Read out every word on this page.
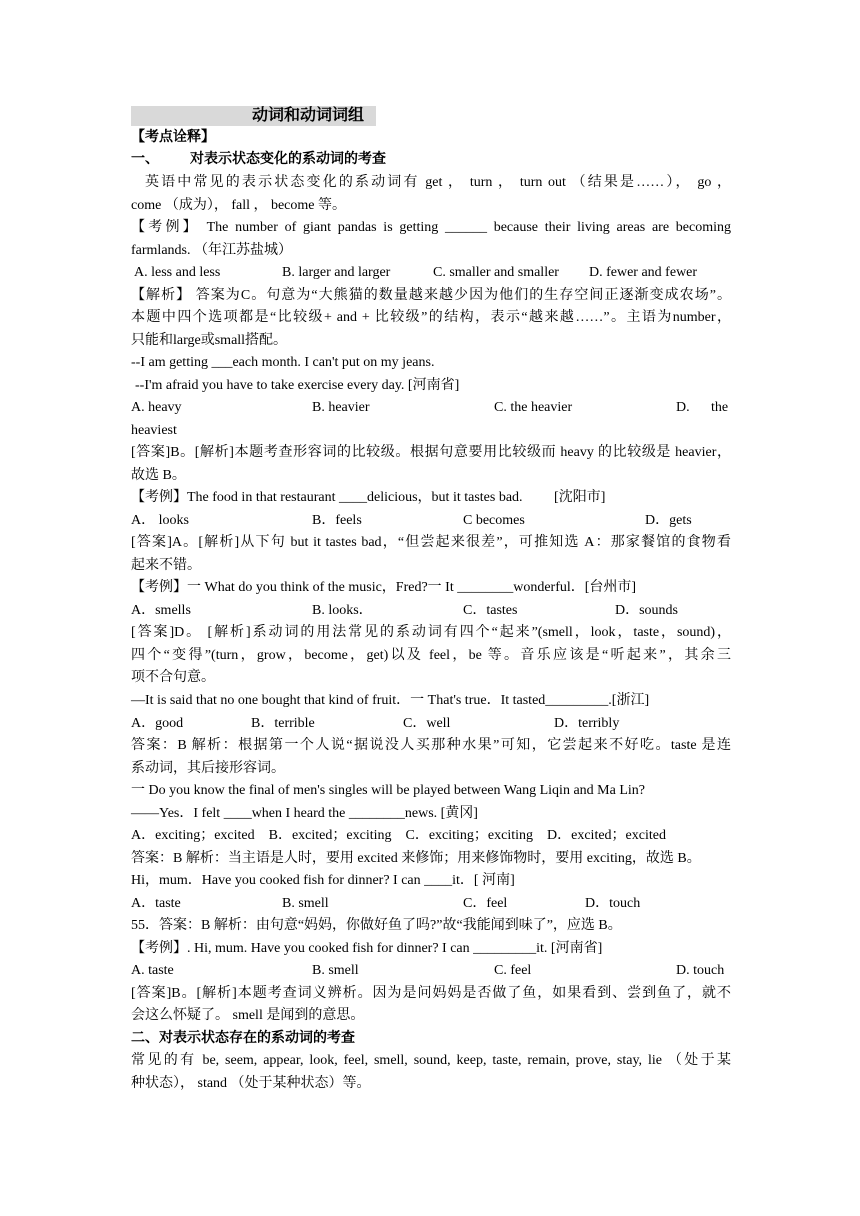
动词和动词词组
【考点诠释】
一、 对表示状态变化的系动词的考查
英语中常见的表示状态变化的系动词有 get ， turn ， turn out （结果是……）， go ，
come （成为）， fall ， become 等。
【考例】 The number of giant pandas is getting ______ because their living areas are becoming
farmlands. （年江苏盐城）
A. less and less	B. larger and larger	C. smaller and smaller D. fewer and fewer
【解析】 答案为C。句意为“大熊猫的数量越来越少因为他们的生存空间正逐渐变成农场”。
本题中四个选项都是“比较级+ and + 比较级”的结构，表示“越来越……”。主语为number，
只能和large或small搭配。
--I am getting ___each month. I can't put on my jeans.
--I'm afraid you have to take exercise every day. [河南省]
A. heavy	B. heavier	C. the heavier	D. the
heaviest
[答案]B。[解析]本题考查形容词的比较级。根据句意要用比较级而 heavy 的比较级是 heavier，
故选 B。
【考例】The food in that restaurant ____delicious，but it tastes bad.　　 [沈阳市]
A． looks	B．feels	C becomes	D．gets
[答案]A。[解析]从下句 but it tastes bad，“但尝起来很差”，可推知选 A：那家餐馆的食物看
起来不错。
【考例】一 What do you think of the music，Fred?一 It ________wonderful．[台州市]
A．smells	B. looks．	C．tastes	D．sounds
[答案]D。 [解析]系动词的用法常见的系动词有四个“起来”(smell，look，taste，sound)，
四个“变得”(turn，grow，become，get)以及 feel，be 等。音乐应该是“听起来”，其余三
项不合句意。
—It is said that no one bought that kind of fruit．一 That's true．It tasted_________.[浙江]
A．good	B．terrible	C．well	D．terribly
答案：B 解析：根据第一个人说“据说没人买那种水果”可知，它尝起来不好吃。taste 是连
系动词，其后接形容词。
一 Do you know the final of men's singles will be played between Wang Liqin and Ma Lin?
——Yes．I felt ____when I heard the ________news. [黄冈]
A．exciting；excited　B．excited；exciting　C．exciting；exciting　D．excited；excited
答案：B 解析：当主语是人时，要用 excited 来修饰；用来修饰物时，要用 exciting，故选 B。
Hi，mum．Have you cooked fish for dinner? I can ____it．[ 河南]
A．taste	B. smell	C．feel	D．touch
55．答案：B 解析：由句意“妈妈，你做好鱼了吗?”故“我能闻到味了”，应选 B。
【考例】. Hi, mum. Have you cooked fish for dinner? I can _________it. [河南省]
A. taste	B. smell	C. feel	D. touch
[答案]B。[解析]本题考查词义辨析。因为是问妈妈是否做了鱼，如果看到、尝到鱼了，就不
会这么怀疑了。 smell 是闻到的意思。
二、对表示状态存在的系动词的考查
常见的有 be, seem, appear, look, feel, smell, sound, keep, taste, remain, prove, stay, lie （处于某
种状态）， stand （处于某种状态）等。
